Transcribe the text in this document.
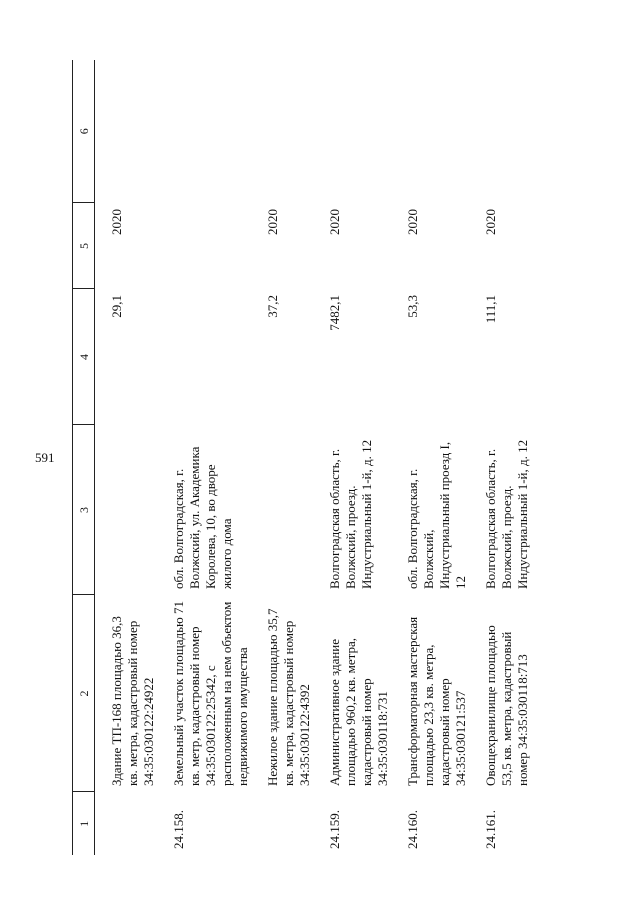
591
1	2	3	4	5	6

	Здание ТП-168 площадью 36,3 кв. метра, кадастровый номер 34:35:030122:24922		29,1	2020	

24.158.	Земельный участок площадью 71 кв. метр, кадастровый номер 34:35:030122:25342, с расположенным на нем объектом недвижимого имущества	обл. Волгоградская, г. Волжский, ул. Академика Королева, 10, во дворе жилого дома			

	Нежилое здание площадью 35,7 кв. метра, кадастровый номер 34:35:030122:4392		37,2	2020	

24.159.	Административное здание площадью 960,2 кв. метра, кадастровый номер 34:35:030118:731	Волгоградская область, г. Волжский, проезд. Индустриальный 1-й, д. 12	7482,1	2020	

24.160.	Трансформаторная мастерская площадью 23,3 кв. метра, кадастровый номер 34:35:030121:537	обл. Волгоградская, г. Волжский, Индустриальный проезд I, 12	53,3	2020	

24.161.	Овощехранилище площадью 53,5 кв. метра, кадастровый номер 34:35:030118:713	Волгоградская область, г. Волжский, проезд. Индустриальный 1-й, д. 12	111,1	2020	
